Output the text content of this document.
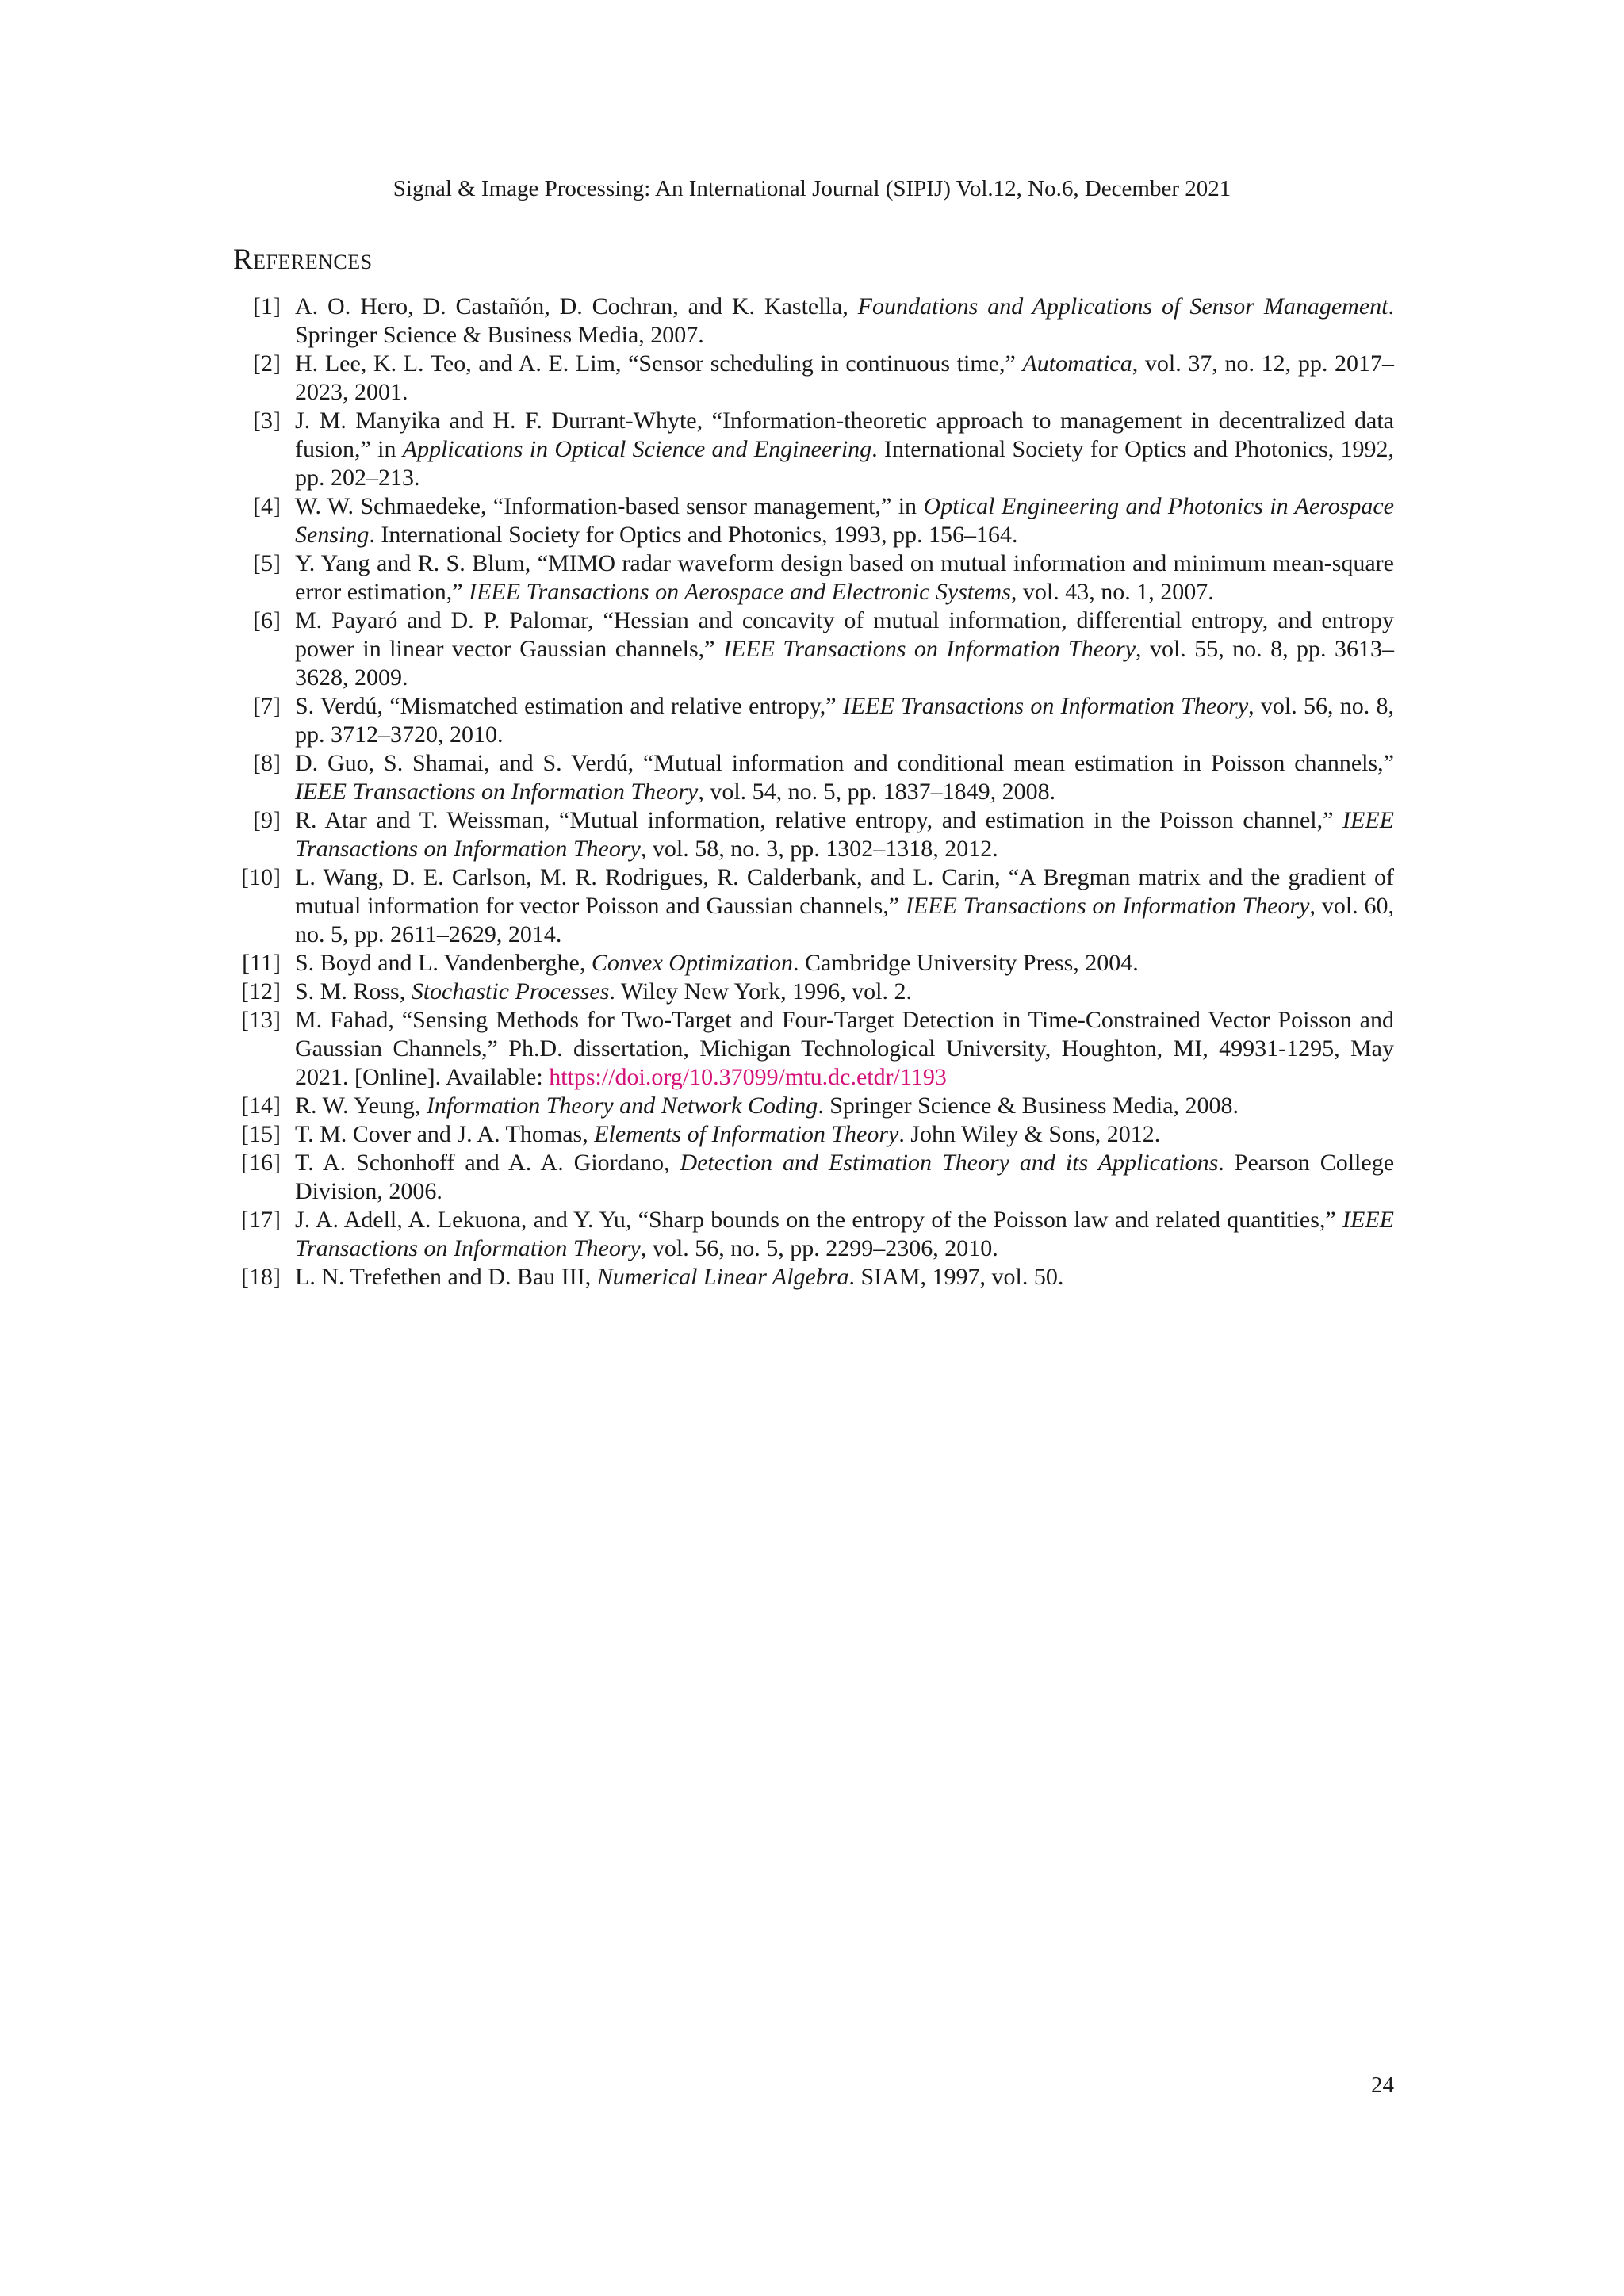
Signal & Image Processing: An International Journal (SIPIJ) Vol.12, No.6, December 2021
References
[1] A. O. Hero, D. Castañón, D. Cochran, and K. Kastella, Foundations and Applications of Sensor Management. Springer Science & Business Media, 2007.
[2] H. Lee, K. L. Teo, and A. E. Lim, “Sensor scheduling in continuous time,” Automatica, vol. 37, no. 12, pp. 2017–2023, 2001.
[3] J. M. Manyika and H. F. Durrant-Whyte, “Information-theoretic approach to management in decentralized data fusion,” in Applications in Optical Science and Engineering. International Society for Optics and Photonics, 1992, pp. 202–213.
[4] W. W. Schmaedeke, “Information-based sensor management,” in Optical Engineering and Photonics in Aerospace Sensing. International Society for Optics and Photonics, 1993, pp. 156–164.
[5] Y. Yang and R. S. Blum, “MIMO radar waveform design based on mutual information and minimum mean-square error estimation,” IEEE Transactions on Aerospace and Electronic Systems, vol. 43, no. 1, 2007.
[6] M. Payaró and D. P. Palomar, “Hessian and concavity of mutual information, differential entropy, and entropy power in linear vector Gaussian channels,” IEEE Transactions on Information Theory, vol. 55, no. 8, pp. 3613–3628, 2009.
[7] S. Verdú, “Mismatched estimation and relative entropy,” IEEE Transactions on Information Theory, vol. 56, no. 8, pp. 3712–3720, 2010.
[8] D. Guo, S. Shamai, and S. Verdú, “Mutual information and conditional mean estimation in Poisson channels,” IEEE Transactions on Information Theory, vol. 54, no. 5, pp. 1837–1849, 2008.
[9] R. Atar and T. Weissman, “Mutual information, relative entropy, and estimation in the Poisson channel,” IEEE Transactions on Information Theory, vol. 58, no. 3, pp. 1302–1318, 2012.
[10] L. Wang, D. E. Carlson, M. R. Rodrigues, R. Calderbank, and L. Carin, “A Bregman matrix and the gradient of mutual information for vector Poisson and Gaussian channels,” IEEE Transactions on Information Theory, vol. 60, no. 5, pp. 2611–2629, 2014.
[11] S. Boyd and L. Vandenberghe, Convex Optimization. Cambridge University Press, 2004.
[12] S. M. Ross, Stochastic Processes. Wiley New York, 1996, vol. 2.
[13] M. Fahad, “Sensing Methods for Two-Target and Four-Target Detection in Time-Constrained Vector Poisson and Gaussian Channels,” Ph.D. dissertation, Michigan Technological University, Houghton, MI, 49931-1295, May 2021. [Online]. Available: https://doi.org/10.37099/mtu.dc.etdr/1193
[14] R. W. Yeung, Information Theory and Network Coding. Springer Science & Business Media, 2008.
[15] T. M. Cover and J. A. Thomas, Elements of Information Theory. John Wiley & Sons, 2012.
[16] T. A. Schonhoff and A. A. Giordano, Detection and Estimation Theory and its Applications. Pearson College Division, 2006.
[17] J. A. Adell, A. Lekuona, and Y. Yu, “Sharp bounds on the entropy of the Poisson law and related quantities,” IEEE Transactions on Information Theory, vol. 56, no. 5, pp. 2299–2306, 2010.
[18] L. N. Trefethen and D. Bau III, Numerical Linear Algebra. SIAM, 1997, vol. 50.
24
